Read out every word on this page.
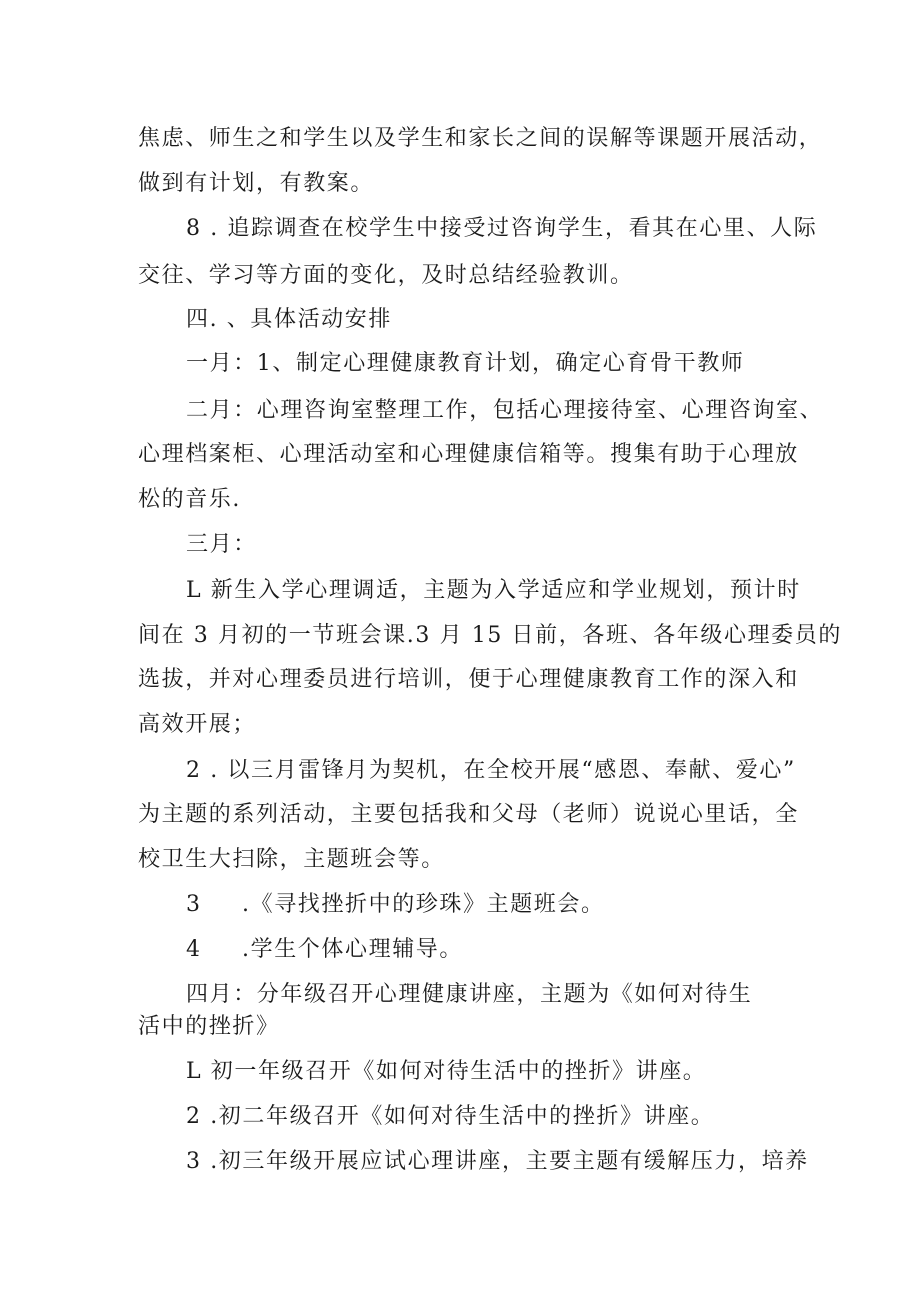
焦虑、师生之和学生以及学生和家长之间的误解等课题开展活动，
做到有计划，有教案。
8 . 追踪调查在校学生中接受过咨询学生，看其在心里、人际
交往、学习等方面的变化，及时总结经验教训。
四. 、具体活动安排
一月：1、制定心理健康教育计划，确定心育骨干教师
二月：心理咨询室整理工作，包括心理接待室、心理咨询室、
心理档案柜、心理活动室和心理健康信箱等。搜集有助于心理放
松的音乐.
三月：
L 新生入学心理调适，主题为入学适应和学业规划，预计时
间在 3 月初的一节班会课.3 月 15 日前，各班、各年级心理委员的
选拔，并对心理委员进行培训，便于心理健康教育工作的深入和
高效开展；
2 . 以三月雷锋月为契机，在全校开展“感恩、奉献、爱心”
为主题的系列活动，主要包括我和父母（老师）说说心里话，全
校卫生大扫除，主题班会等。
3 .《寻找挫折中的珍珠》主题班会。
4 .学生个体心理辅导。
四月：分年级召开心理健康讲座，主题为《如何对待生
活中的挫折》
L 初一年级召开《如何对待生活中的挫折》讲座。
2 .初二年级召开《如何对待生活中的挫折》讲座。
3 .初三年级开展应试心理讲座，主要主题有缓解压力，培养
